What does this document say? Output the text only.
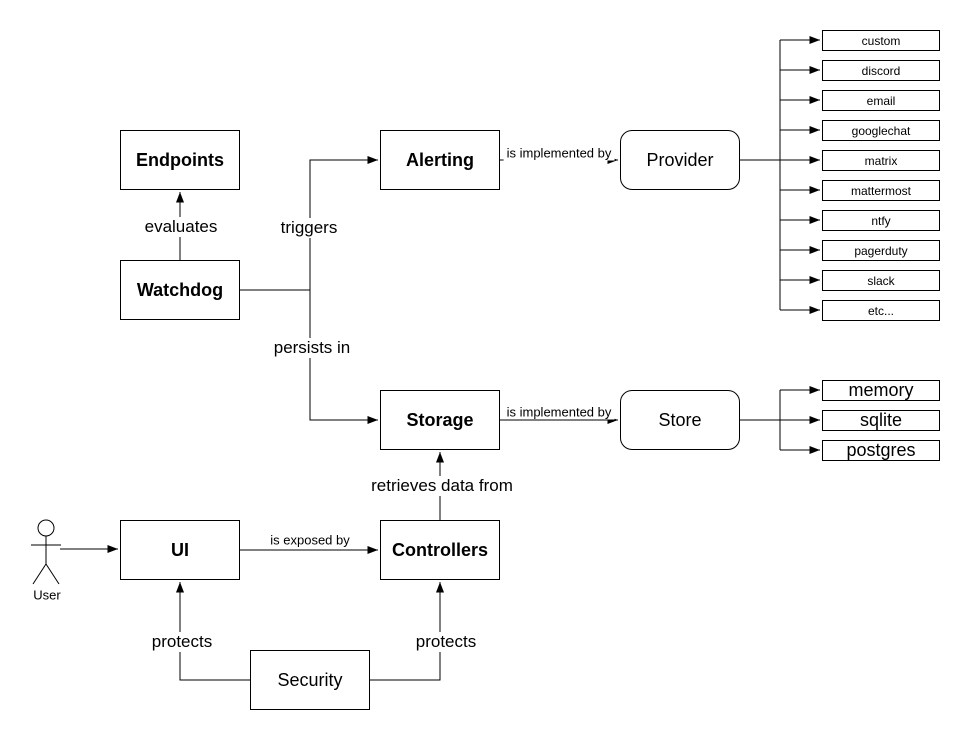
evaluates	triggers
persists in
is implemented by
is implemented by
retrieves data from
is exposed by
protects	protects
User
Endpoints
Watchdog
Alerting	Provider
Storage	Store
UI	Controllers
Security
custom
discord
email
googlechat
matrix
mattermost
ntfy
pagerduty
slack
etc...
memory
sqlite
postgres
